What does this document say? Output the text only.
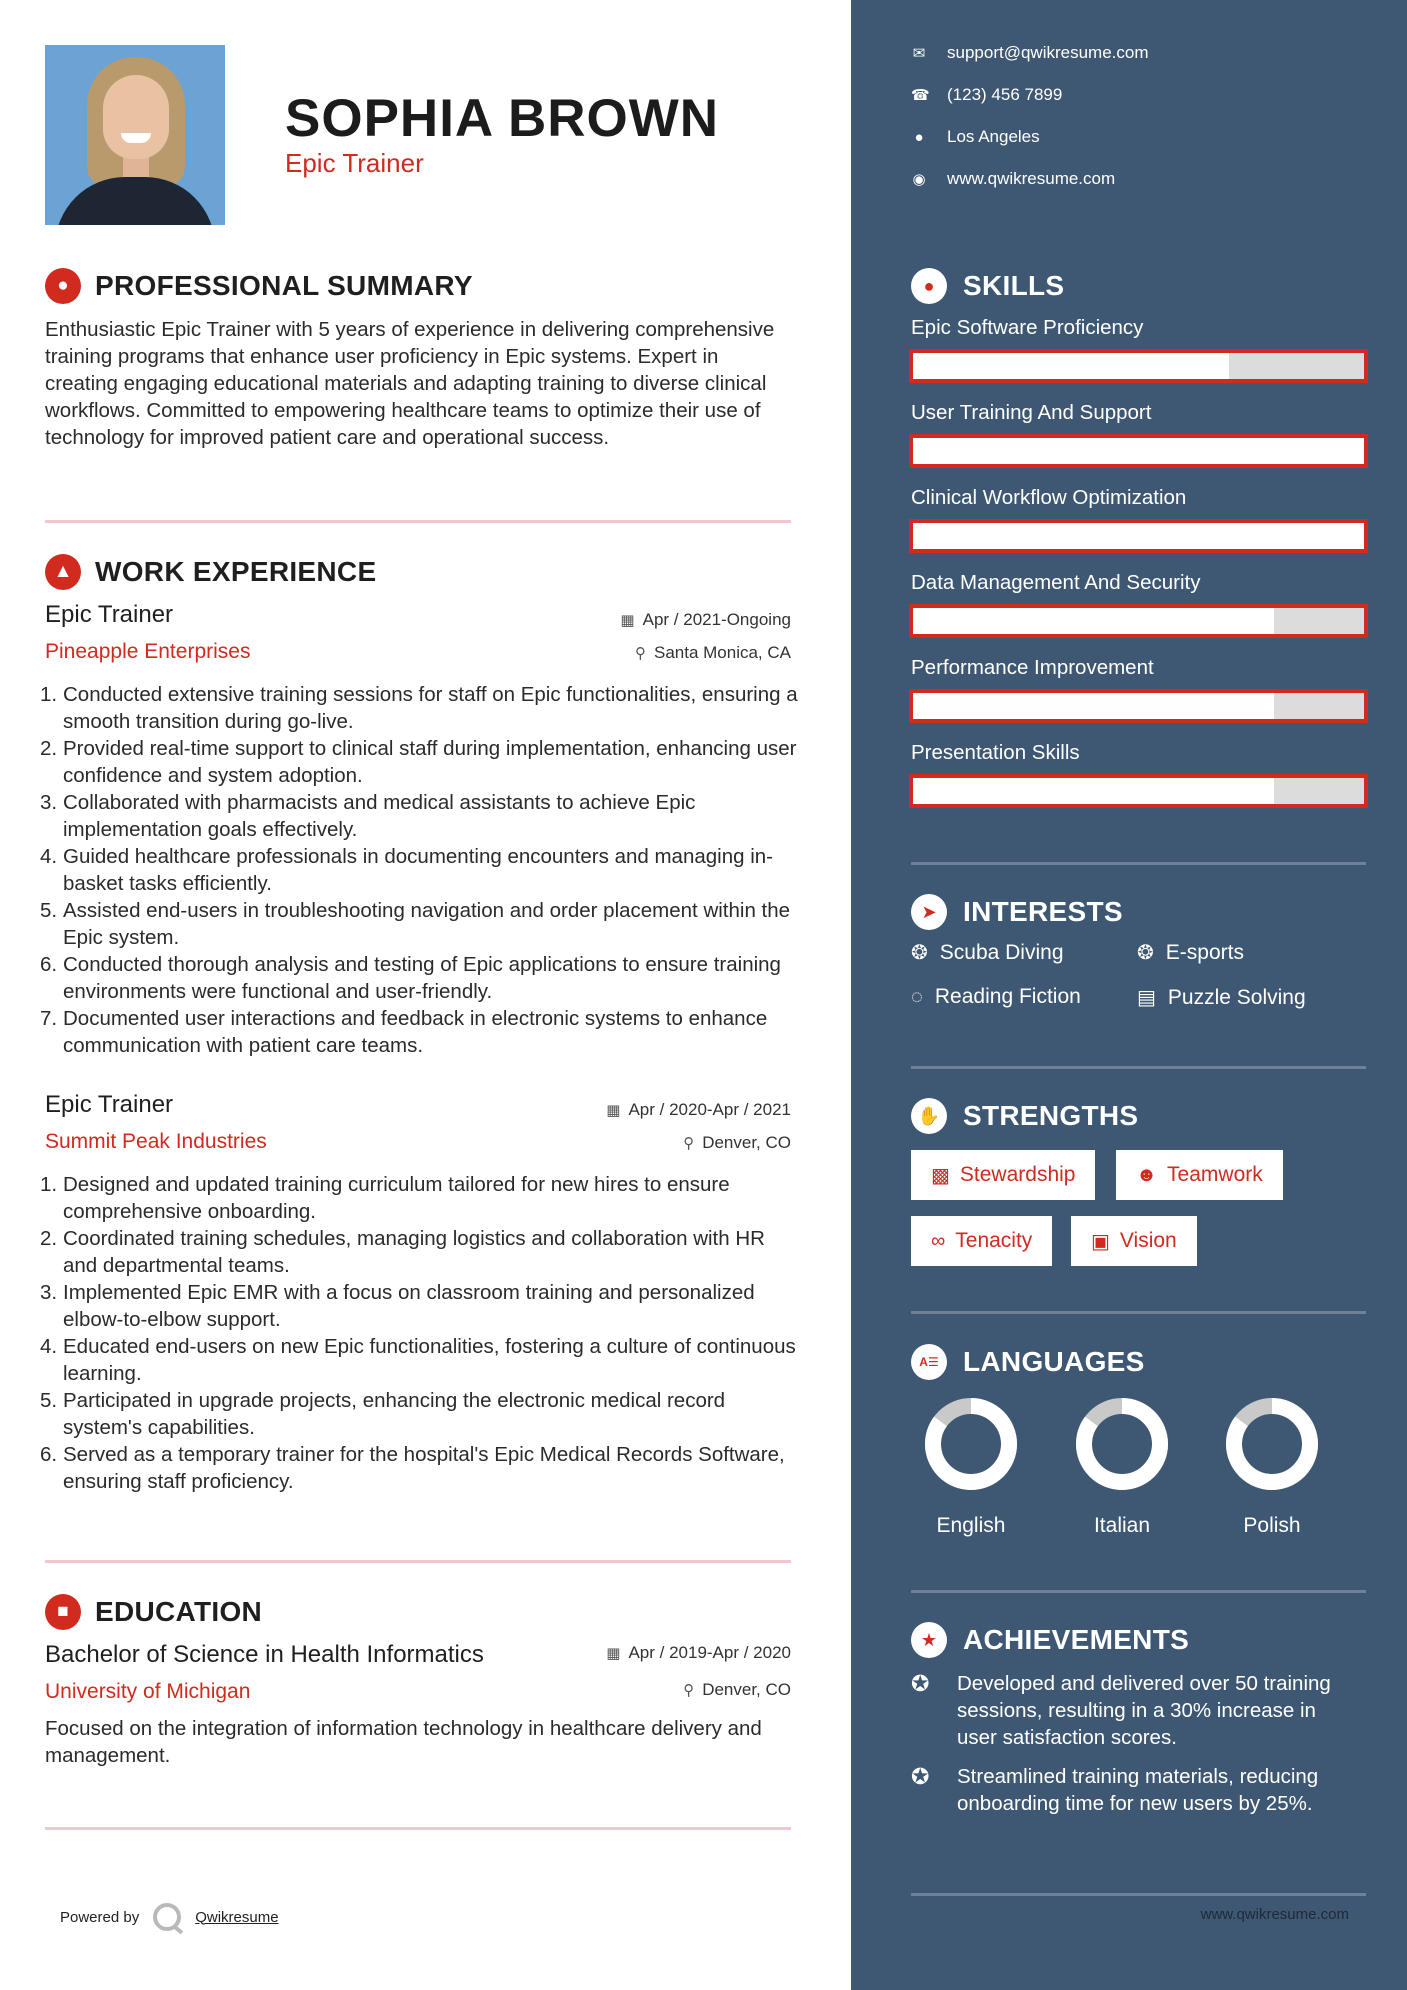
SOPHIA BROWN
Epic Trainer
● PROFESSIONAL SUMMARY
Enthusiastic Epic Trainer with 5 years of experience in delivering comprehensive training programs that enhance user proficiency in Epic systems. Expert in creating engaging educational materials and adapting training to diverse clinical workflows. Committed to empowering healthcare teams to optimize their use of technology for improved patient care and operational success.
▲ WORK EXPERIENCE
Epic Trainer	▦ Apr / 2021-Ongoing
Pineapple Enterprises	⚲ Santa Monica, CA
1. Conducted extensive training sessions for staff on Epic functionalities, ensuring a smooth transition during go-live.
2. Provided real-time support to clinical staff during implementation, enhancing user confidence and system adoption.
3. Collaborated with pharmacists and medical assistants to achieve Epic implementation goals effectively.
4. Guided healthcare professionals in documenting encounters and managing in-basket tasks efficiently.
5. Assisted end-users in troubleshooting navigation and order placement within the Epic system.
6. Conducted thorough analysis and testing of Epic applications to ensure training environments were functional and user-friendly.
7. Documented user interactions and feedback in electronic systems to enhance communication with patient care teams.
Epic Trainer	▦ Apr / 2020-Apr / 2021
Summit Peak Industries	⚲ Denver, CO
1. Designed and updated training curriculum tailored for new hires to ensure comprehensive onboarding.
2. Coordinated training schedules, managing logistics and collaboration with HR and departmental teams.
3. Implemented Epic EMR with a focus on classroom training and personalized elbow-to-elbow support.
4. Educated end-users on new Epic functionalities, fostering a culture of continuous learning.
5. Participated in upgrade projects, enhancing the electronic medical record system's capabilities.
6. Served as a temporary trainer for the hospital's Epic Medical Records Software, ensuring staff proficiency.
■ EDUCATION
Bachelor of Science in Health Informatics	▦ Apr / 2019-Apr / 2020
University of Michigan	⚲ Denver, CO
Focused on the integration of information technology in healthcare delivery and management.
Powered by	Qwikresume
✉ support@qwikresume.com
☎ (123) 456 7899
● Los Angeles
◉ www.qwikresume.com
●	SKILLS
Epic Software Proficiency
User Training And Support
Clinical Workflow Optimization
Data Management And Security
Performance Improvement
Presentation Skills
➤ INTERESTS
❂ Scuba Diving	❂ E-sports
◌ Reading Fiction	▤ Puzzle Solving
✋ STRENGTHS
▩ Stewardship	☻ Teamwork
∞ Tenacity	▣ Vision
A☰ LANGUAGES
English	Italian	Polish
★ ACHIEVEMENTS
✪	Developed and delivered over 50 training sessions, resulting in a 30% increase in user satisfaction scores.
✪	Streamlined training materials, reducing onboarding time for new users by 25%.
www.qwikresume.com
